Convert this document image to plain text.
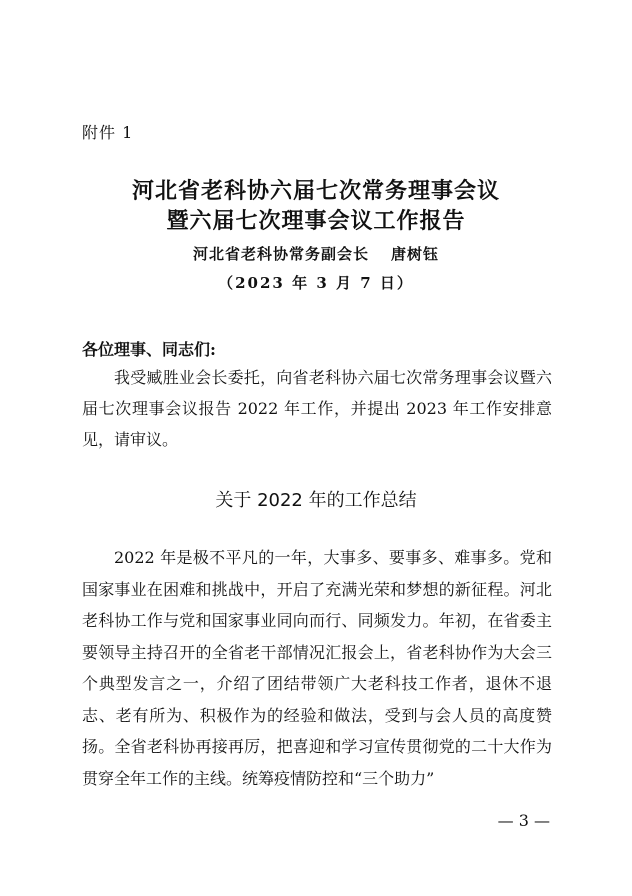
附件 1
河北省老科协六届七次常务理事会议
暨六届七次理事会议工作报告
河北省老科协常务副会长 唐树钰
（2023 年 3 月 7 日）
各位理事、同志们:

我受臧胜业会长委托，向省老科协六届七次常务理事会议暨六届七次理事会议报告 2022 年工作，并提出 2023 年工作安排意见，请审议。

关于 2022 年的工作总结

2022 年是极不平凡的一年，大事多、要事多、难事多。党和国家事业在困难和挑战中，开启了充满光荣和梦想的新征程。河北老科协工作与党和国家事业同向而行、同频发力。年初，在省委主要领导主持召开的全省老干部情况汇报会上，省老科协作为大会三个典型发言之一，介绍了团结带领广大老科技工作者，退休不退志、老有所为、积极作为的经验和做法，受到与会人员的高度赞扬。全省老科协再接再厉，把喜迎和学习宣传贯彻党的二十大作为贯穿全年工作的主线。统筹疫情防控和“三个助力”

— 3 —
